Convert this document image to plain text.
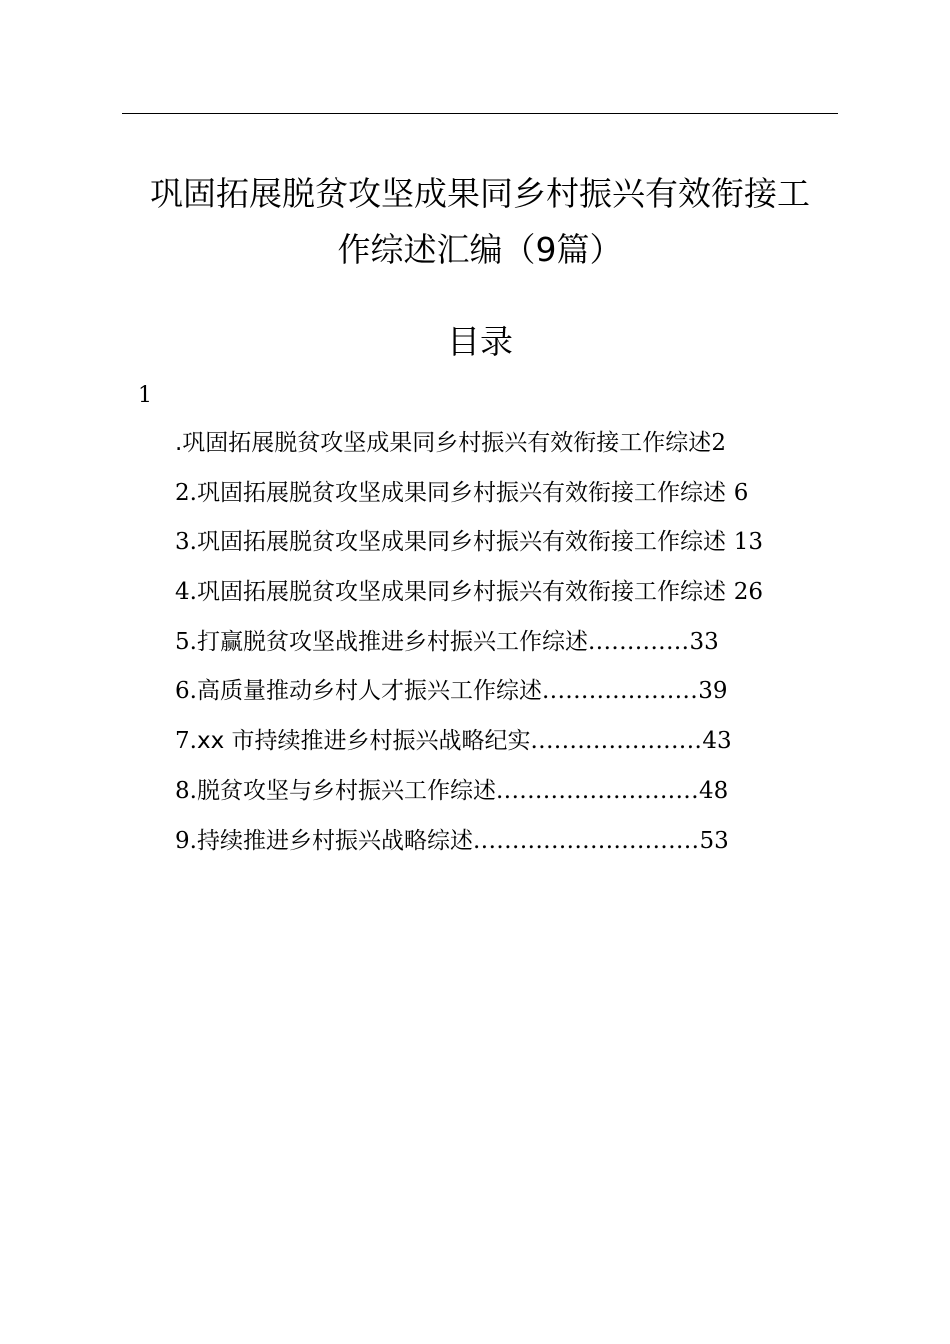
巩固拓展脱贫攻坚成果同乡村振兴有效衔接工
作综述汇编（9篇）
目录
1
.巩固拓展脱贫攻坚成果同乡村振兴有效衔接工作综述2
2.巩固拓展脱贫攻坚成果同乡村振兴有效衔接工作综述 6
3.巩固拓展脱贫攻坚成果同乡村振兴有效衔接工作综述 13
4.巩固拓展脱贫攻坚成果同乡村振兴有效衔接工作综述 26
5.打赢脱贫攻坚战推进乡村振兴工作综述.............33
6.高质量推动乡村人才振兴工作综述....................39
7.xx 市持续推进乡村振兴战略纪实......................43
8.脱贫攻坚与乡村振兴工作综述..........................48
9.持续推进乡村振兴战略综述.............................53
